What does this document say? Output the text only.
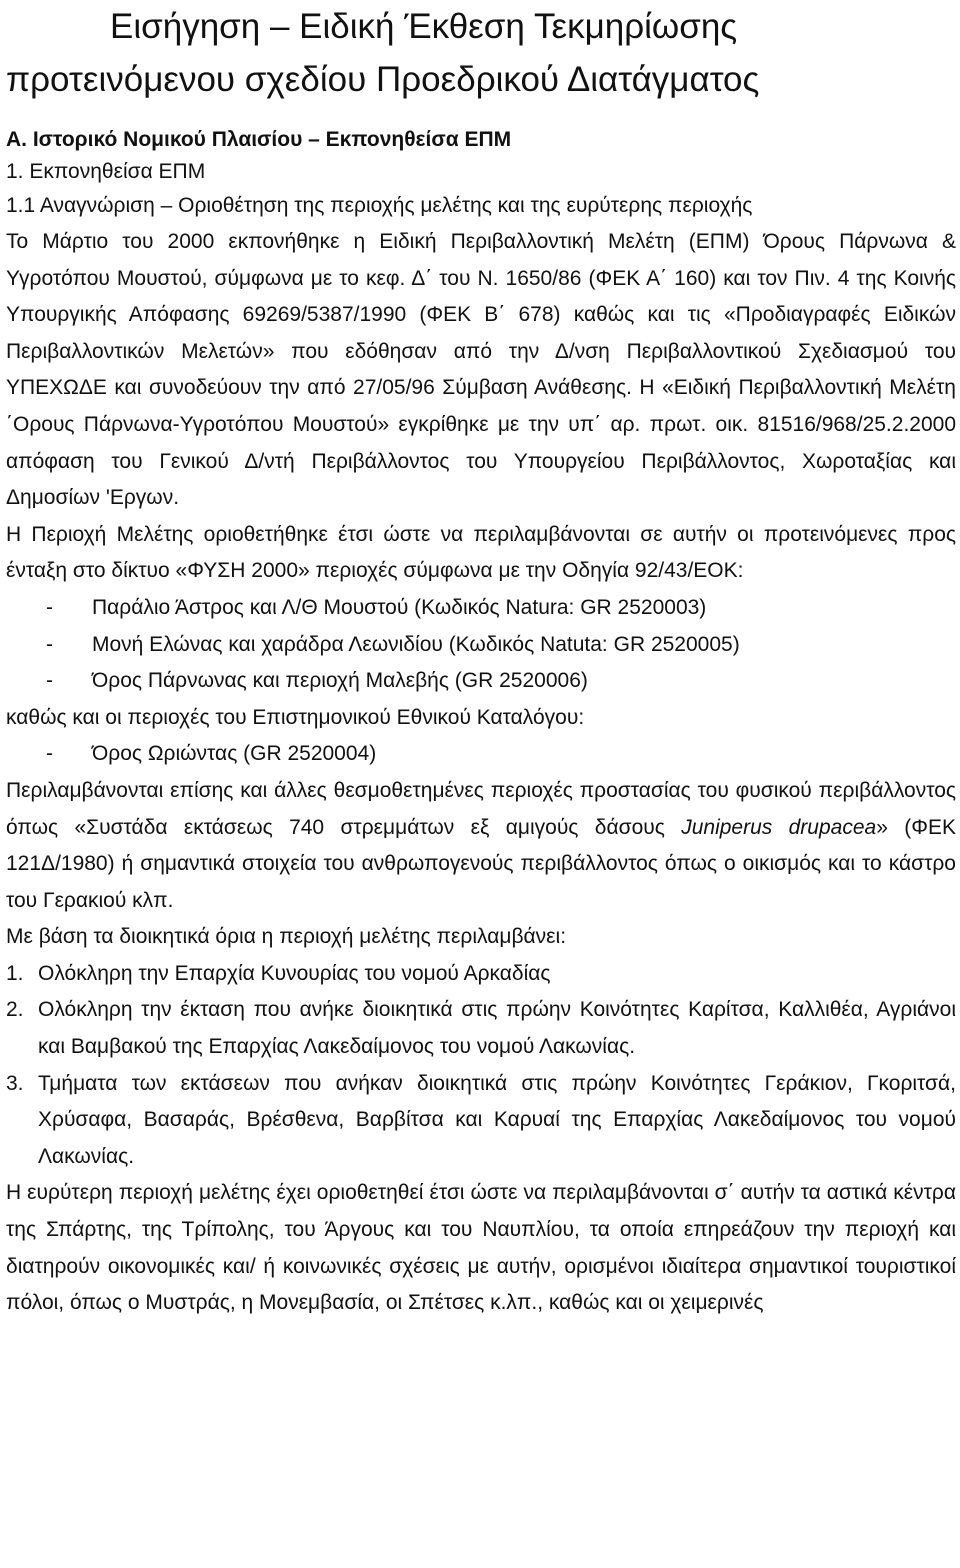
Εισήγηση – Ειδική Έκθεση Τεκμηρίωσης
προτεινόμενου σχεδίου Προεδρικού Διατάγματος

Α. Ιστορικό Νομικού Πλαισίου – Εκπονηθείσα ΕΠΜ

1. Εκπονηθείσα ΕΠΜ

1.1 Αναγνώριση – Οριοθέτηση της περιοχής μελέτης και της ευρύτερης περιοχής

Το Μάρτιο του 2000 εκπονήθηκε η Ειδική Περιβαλλοντική Μελέτη (ΕΠΜ) Όρους Πάρνωνα & Υγροτόπου Μουστού, σύμφωνα με το κεφ. Δ΄ του Ν. 1650/86 (ΦΕΚ Α΄ 160) και τον Πιν. 4 της Κοινής Υπουργικής Απόφασης 69269/5387/1990 (ΦΕΚ Β΄ 678) καθώς και τις «Προδιαγραφές Ειδικών Περιβαλλοντικών Μελετών» που εδόθησαν από την Δ/νση Περιβαλλοντικού Σχεδιασμού του ΥΠΕΧΩΔΕ και συνοδεύουν την από 27/05/96 Σύμβαση Ανάθεσης. Η «Ειδική Περιβαλλοντική Μελέτη ΄Ορους Πάρνωνα-Υγροτόπου Μουστού» εγκρίθηκε με την υπ΄ αρ. πρωτ. οικ. 81516/968/25.2.2000 απόφαση του Γενικού Δ/ντή Περιβάλλοντος του Υπουργείου Περιβάλλοντος, Χωροταξίας και Δημοσίων 'Εργων.

Η Περιοχή Μελέτης οριοθετήθηκε έτσι ώστε να περιλαμβάνονται σε αυτήν οι προτεινόμενες προς ένταξη στο δίκτυο «ΦΥΣΗ 2000» περιοχές σύμφωνα με την Οδηγία 92/43/ΕΟΚ:

- Παράλιο Άστρος και Λ/Θ Μουστού (Κωδικός Natura: GR 2520003)
- Μονή Ελώνας και χαράδρα Λεωνιδίου (Κωδικός Natuta: GR 2520005)
- Όρος Πάρνωνας και περιοχή Μαλεβής (GR 2520006)

καθώς και οι περιοχές του Επιστημονικού Εθνικού Καταλόγου:

- Όρος Ωριώντας (GR 2520004)

Περιλαμβάνονται επίσης και άλλες θεσμοθετημένες περιοχές προστασίας του φυσικού περιβάλλοντος όπως «Συστάδα εκτάσεως 740 στρεμμάτων εξ αμιγούς δάσους Juniperus drupacea» (ΦΕΚ 121Δ/1980) ή σημαντικά στοιχεία του ανθρωπογενούς περιβάλλοντος όπως ο οικισμός και το κάστρο του Γερακιού κλπ.

Με βάση τα διοικητικά όρια η περιοχή μελέτης περιλαμβάνει:

1. Ολόκληρη την Επαρχία Κυνουρίας του νομού Αρκαδίας
2. Ολόκληρη την έκταση που ανήκε διοικητικά στις πρώην Κοινότητες Καρίτσα, Καλλιθέα, Αγριάνοι και Βαμβακού της Επαρχίας Λακεδαίμονος του νομού Λακωνίας.
3. Τμήματα των εκτάσεων που ανήκαν διοικητικά στις πρώην Κοινότητες Γεράκιον, Γκοριτσά, Χρύσαφα, Βασαράς, Βρέσθενα, Βαρβίτσα και Καρυαί της Επαρχίας Λακεδαίμονος του νομού Λακωνίας.

Η ευρύτερη περιοχή μελέτης έχει οριοθετηθεί έτσι ώστε να περιλαμβάνονται σ΄ αυτήν τα αστικά κέντρα της Σπάρτης, της Τρίπολης, του Άργους και του Ναυπλίου, τα οποία επηρεάζουν την περιοχή και διατηρούν οικονομικές και/ ή κοινωνικές σχέσεις με αυτήν, ορισμένοι ιδιαίτερα σημαντικοί τουριστικοί πόλοι, όπως ο Μυστράς, η Μονεμβασία, οι Σπέτσες κ.λπ., καθώς και οι χειμερινές
